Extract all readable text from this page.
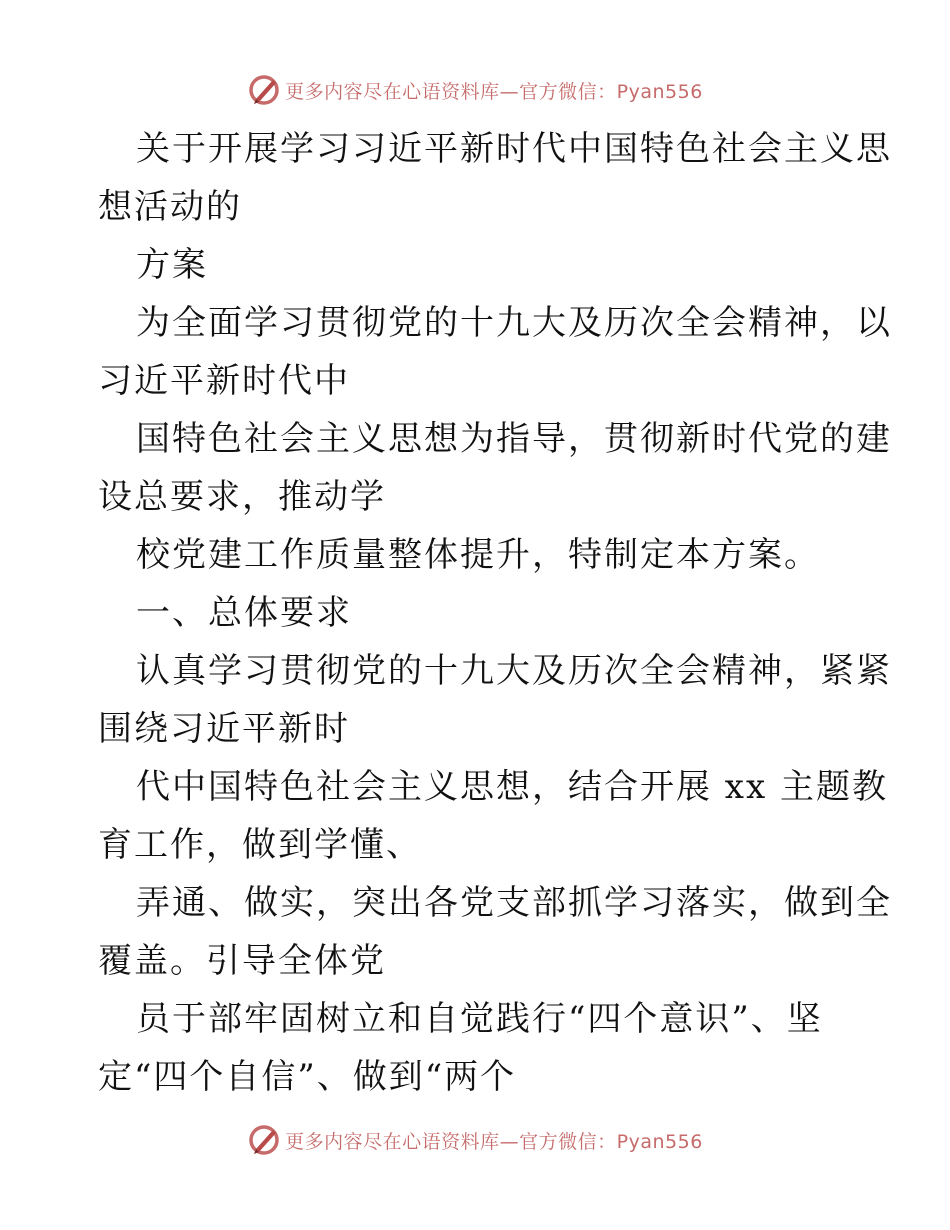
更多内容尽在心语资料库—官方微信：Pyan556
关于开展学习习近平新时代中国特色社会主义思
想活动的
方案
为全面学习贯彻党的十九大及历次全会精神，以
习近平新时代中
国特色社会主义思想为指导，贯彻新时代党的建
设总要求，推动学
校党建工作质量整体提升，特制定本方案。
一、总体要求
认真学习贯彻党的十九大及历次全会精神，紧紧
围绕习近平新时
代中国特色社会主义思想，结合开展 xx 主题教
育工作，做到学懂、
弄通、做实，突出各党支部抓学习落实，做到全
覆盖。引导全体党
员于部牢固树立和自觉践行“四个意识”、坚
定“四个自信”、做到“两个
更多内容尽在心语资料库—官方微信：Pyan556
